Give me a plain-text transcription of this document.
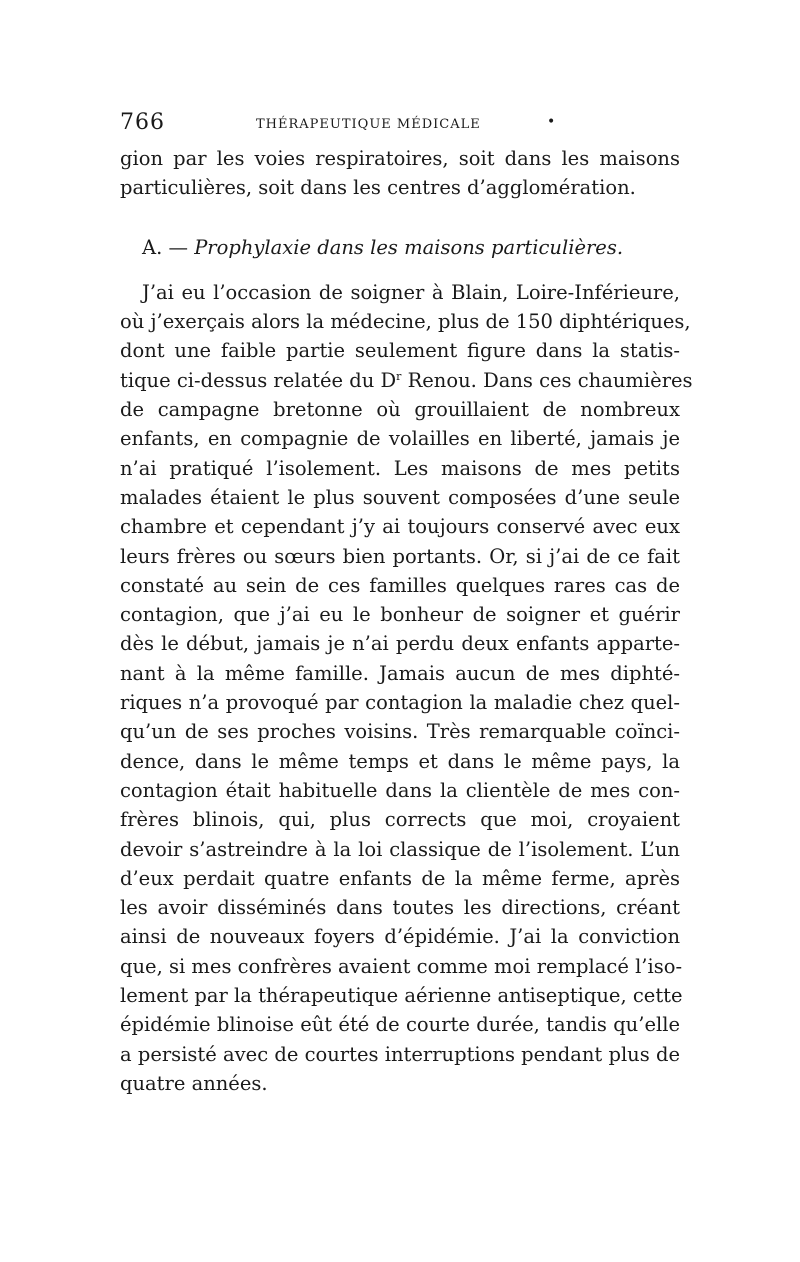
766	THÉRAPEUTIQUE MÉDICALE	•
gion par les voies respiratoires, soit dans les maisons
particulières, soit dans les centres d’agglomération.
A. — Prophylaxie dans les maisons particulières.
J’ai eu l’occasion de soigner à Blain, Loire-Inférieure,
où j’exerçais alors la médecine, plus de 150 diphtériques,
dont une faible partie seulement figure dans la statis-
tique ci-dessus relatée du $D^r$ Renou. Dans ces chaumières
de campagne bretonne où grouillaient de nombreux
enfants, en compagnie de volailles en liberté, jamais je
n’ai pratiqué l’isolement. Les maisons de mes petits
malades étaient le plus souvent composées d’une seule
chambre et cependant j’y ai toujours conservé avec eux
leurs frères ou sœurs bien portants. Or, si j’ai de ce fait
constaté au sein de ces familles quelques rares cas de
contagion, que j’ai eu le bonheur de soigner et guérir
dès le début, jamais je n’ai perdu deux enfants apparte-
nant à la même famille. Jamais aucun de mes diphté-
riques n’a provoqué par contagion la maladie chez quel-
qu’un de ses proches voisins. Très remarquable coïnci-
dence, dans le même temps et dans le même pays, la
contagion était habituelle dans la clientèle de mes con-
frères blinois, qui, plus corrects que moi, croyaient
devoir s’astreindre à la loi classique de l’isolement. L’un
d’eux perdait quatre enfants de la même ferme, après
les avoir disséminés dans toutes les directions, créant
ainsi de nouveaux foyers d’épidémie. J’ai la conviction
que, si mes confrères avaient comme moi remplacé l’iso-
lement par la thérapeutique aérienne antiseptique, cette
épidémie blinoise eût été de courte durée, tandis qu’elle
a persisté avec de courtes interruptions pendant plus de
quatre années.
